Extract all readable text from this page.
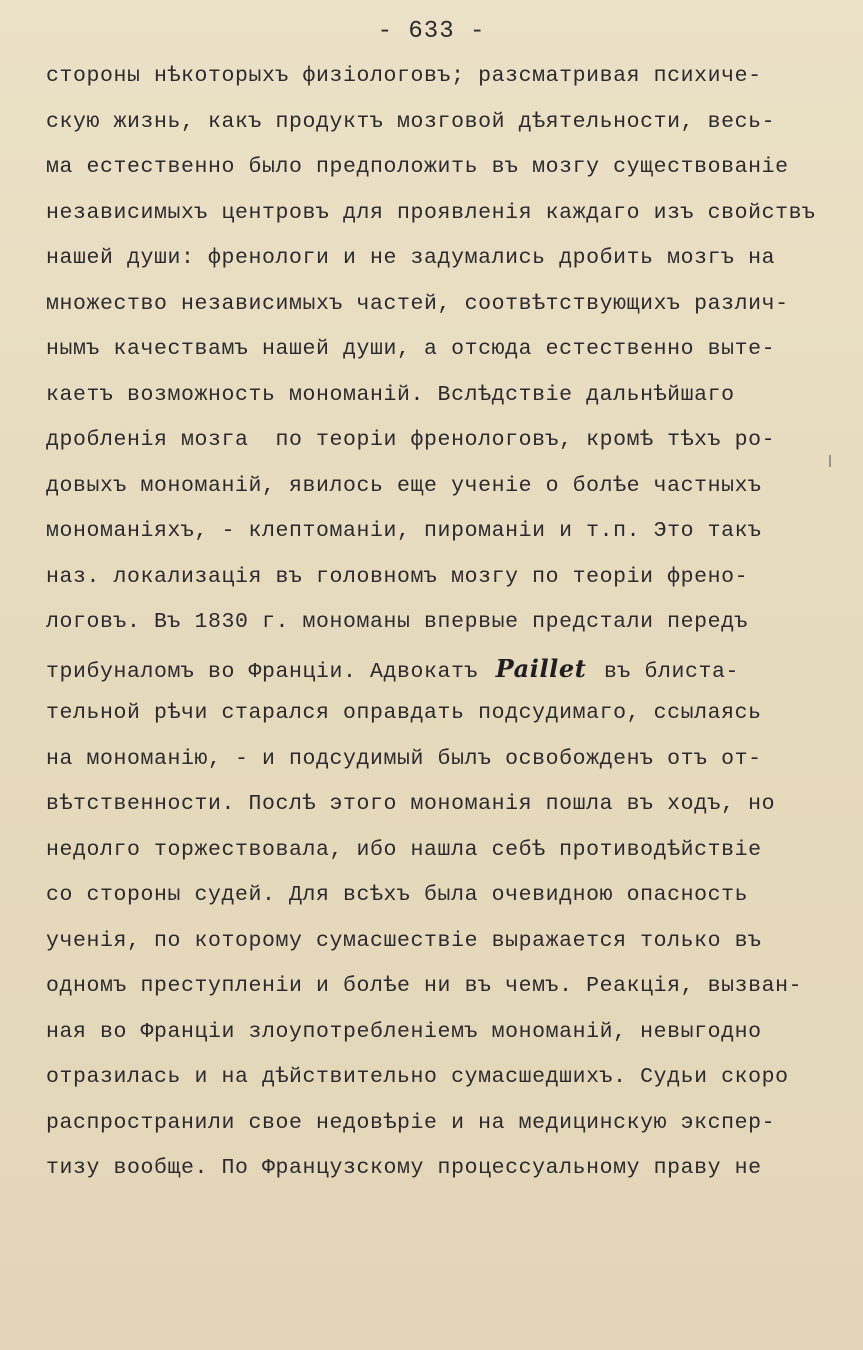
- 633 -
стороны нѣкоторыхъ физiологовъ; разсматривая психиче-
скую жизнь, какъ продуктъ мозговой дѣятельности, весь-
ма естественно было предположить въ мозгу существованiе
независимыхъ центровъ для проявленiя каждаго изъ свойствъ
нашей души: френологи и не задумались дробить мозгъ на
множество независимыхъ частей, соотвѣтствующихъ различ-
нымъ качествамъ нашей души, а отсюда естественно выте-
каетъ возможность мономанiй. Вслѣдствiе дальнѣйшаго
дробленiя мозга  по теорiи френологовъ, кромѣ тѣхъ ро-
довыхъ мономанiй, явилось еще ученiе о болѣе частныхъ
мономанiяхъ, - клептоманiи, пироманiи и т.п. Это такъ
наз. локализацiя въ головномъ мозгу по теорiи френо-
логовъ. Въ 1830 г. мономаны впервые предстали передъ
трибуналомъ во Францiи. Адвокатъ Paillet въ блиста-
тельной рѣчи старался оправдать подсудимаго, ссылаясь
на мономанiю, - и подсудимый былъ освобожденъ отъ от-
вѣтственности. Послѣ этого мономанiя пошла въ ходъ, но
недолго торжествовала, ибо нашла себѣ противодѣйствiе
со стороны судей. Для всѣхъ была очевидною опасность
ученiя, по которому сумасшествiе выражается только въ
одномъ преступленiи и болѣе ни въ чемъ. Реакцiя, вызван-
ная во Францiи злоупотребленiемъ мономанiй, невыгодно
отразилась и на дѣйствительно сумасшедшихъ. Судьи скоро
распространили свое недовѣрiе и на медицинскую экспер-
тизу вообще. По Французскому процессуальному праву не
